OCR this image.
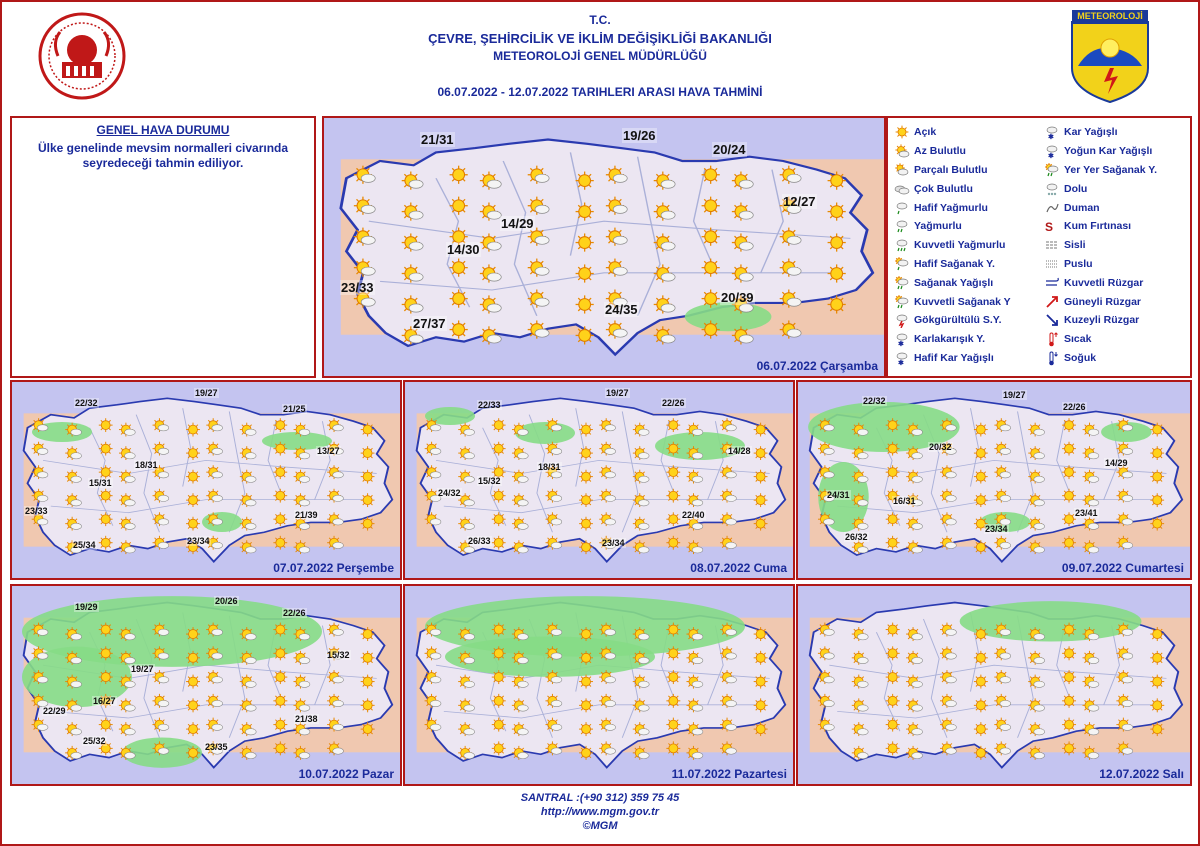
T.C.
ÇEVRE, ŞEHİRCİLİK VE İKLİM DEĞİŞİKLİĞİ BAKANLIĞI
METEOROLOJİ GENEL MÜDÜRLÜĞÜ
06.07.2022 - 12.07.2022 TARIHLERI ARASI HAVA TAHMİNİ
METEOROLOJİ
GENEL HAVA DURUMU
Ülke genelinde mevsim normalleri civarında seyredeceği tahmin ediliyor.
21/31	19/26
20/24
14/29
12/27
14/30
23/33
24/35
20/39
27/37
06.07.2022 Çarşamba
Açık
Az Bulutlu
Parçalı Bulutlu
Çok Bulutlu
Hafif Yağmurlu
Yağmurlu
Kuvvetli Yağmurlu
Hafif Sağanak Y.
Sağanak Yağışlı
Kuvvetli Sağanak Y
Gökgürültülü S.Y.
✱ Karlakarışık Y.
✱ Hafif Kar Yağışlı
✱ Kar Yağışlı
✱ Yoğun Kar Yağışlı
Yer Yer Sağanak Y.
Dolu
Duman
S Kum Fırtınası
Sisli
Puslu
Kuvvetli Rüzgar
Güneyli Rüzgar
Kuzeyli Rüzgar
Sıcak
Soğuk
22/32
19/27
21/25
18/31
13/27
15/31
23/33	21/39
25/34	23/34
07.07.2022 Perşembe
22/33
19/27
22/26
18/31
14/28
15/32
24/32
22/40
26/33	23/34
08.07.2022 Cuma
22/32
19/27
22/26
20/32
14/29
16/31
24/31
23/41
26/32
23/34
09.07.2022 Cumartesi
19/29
20/26
22/26
19/27
15/32
16/27
22/29
21/38
25/32
23/35
10.07.2022 Pazar	11.07.2022 Pazartesi	12.07.2022 Salı
SANTRAL :(+90 312) 359 75 45
http://www.mgm.gov.tr
©MGM
